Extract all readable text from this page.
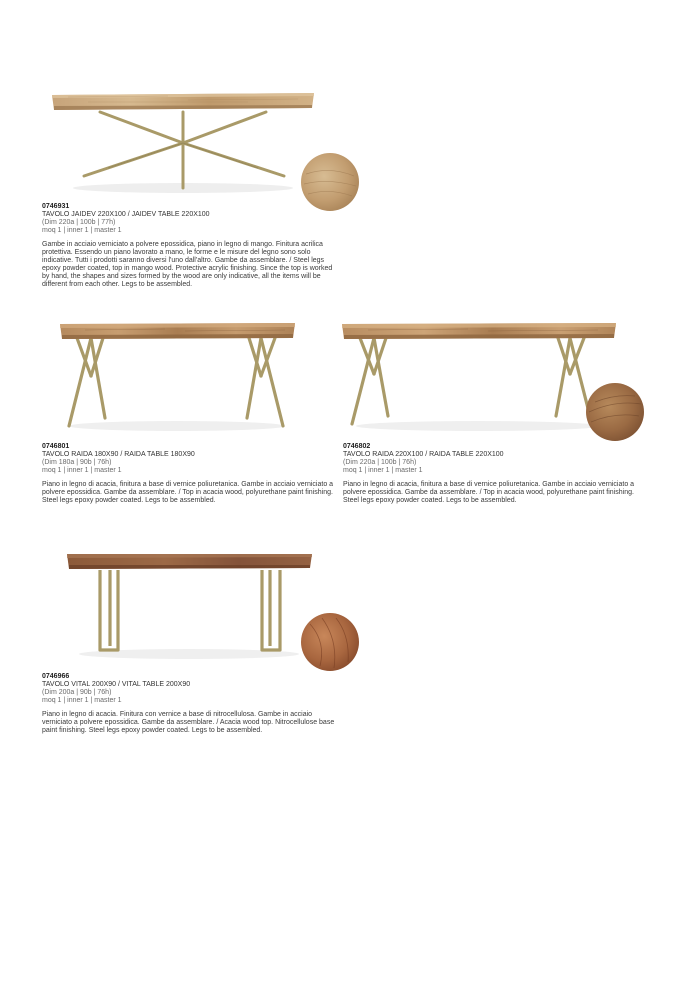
0746931
TAVOLO JAIDEV 220X100 / JAIDEV TABLE 220X100
(Dim 220a | 100b | 77h)
moq 1 | inner 1 | master 1
Gambe in acciaio verniciato a polvere epossidica, piano in legno di mango. Finitura acrilica protettiva. Essendo un piano lavorato a mano, le forme e le misure del legno sono solo indicative. Tutti i prodotti saranno diversi l'uno dall'altro. Gambe da assemblare. / Steel legs epoxy powder coated, top in mango wood. Protective acrylic finishing. Since the top is worked by hand, the shapes and sizes formed by the wood are only indicative, all the items will be different from each other. Legs to be assembled.
0746801
TAVOLO RAIDA 180X90 / RAIDA TABLE 180X90
(Dim 180a | 90b | 76h)
moq 1 | inner 1 | master 1
Piano in legno di acacia, finitura a base di vernice poliuretanica. Gambe in acciaio verniciato a polvere epossidica. Gambe da assemblare. / Top in acacia wood, polyurethane paint finishing. Steel legs epoxy powder coated. Legs to be assembled.
0746802
TAVOLO RAIDA 220X100 / RAIDA TABLE 220X100
(Dim 220a | 100b | 76h)
moq 1 | inner 1 | master 1
Piano in legno di acacia, finitura a base di vernice poliuretanica. Gambe in acciaio verniciato a polvere epossidica. Gambe da assemblare. / Top in acacia wood, polyurethane paint finishing. Steel legs epoxy powder coated. Legs to be assembled.
0746966
TAVOLO VITAL 200X90 / VITAL TABLE 200X90
(Dim 200a | 90b | 76h)
moq 1 | inner 1 | master 1
Piano in legno di acacia. Finitura con vernice a base di nitrocellulosa. Gambe in acciaio verniciato a polvere epossidica. Gambe da assemblare. / Acacia wood top. Nitrocellulose base paint finishing. Steel legs epoxy powder coated. Legs to be assembled.
